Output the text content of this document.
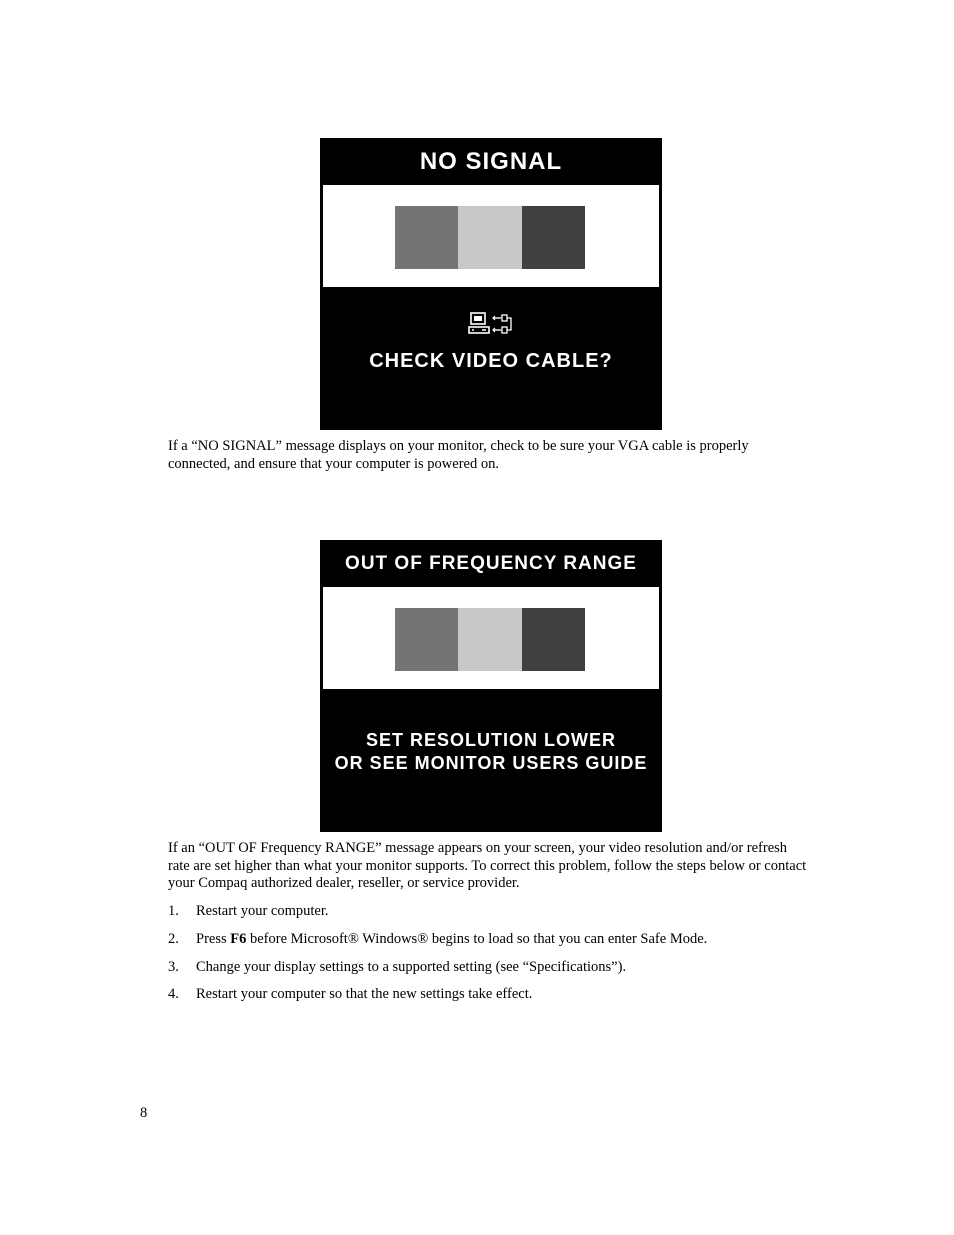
NO SIGNAL
CHECK VIDEO CABLE?
If a “NO SIGNAL” message displays on your monitor, check to be sure your VGA cable is properly connected, and ensure that your computer is powered on.
OUT OF FREQUENCY RANGE
SET RESOLUTION LOWER
OR SEE MONITOR USERS GUIDE
If an “OUT OF Frequency RANGE” message appears on your screen, your video resolution and/or refresh rate are set higher than what your monitor supports. To correct this problem, follow the steps below or contact your Compaq authorized dealer, reseller, or service provider.
1.	Restart your computer.
2.	Press F6 before Microsoft® Windows® begins to load so that you can enter Safe Mode.
3.	Change your display settings to a supported setting (see “Specifications”).
4.	Restart your computer so that the new settings take effect.
8
